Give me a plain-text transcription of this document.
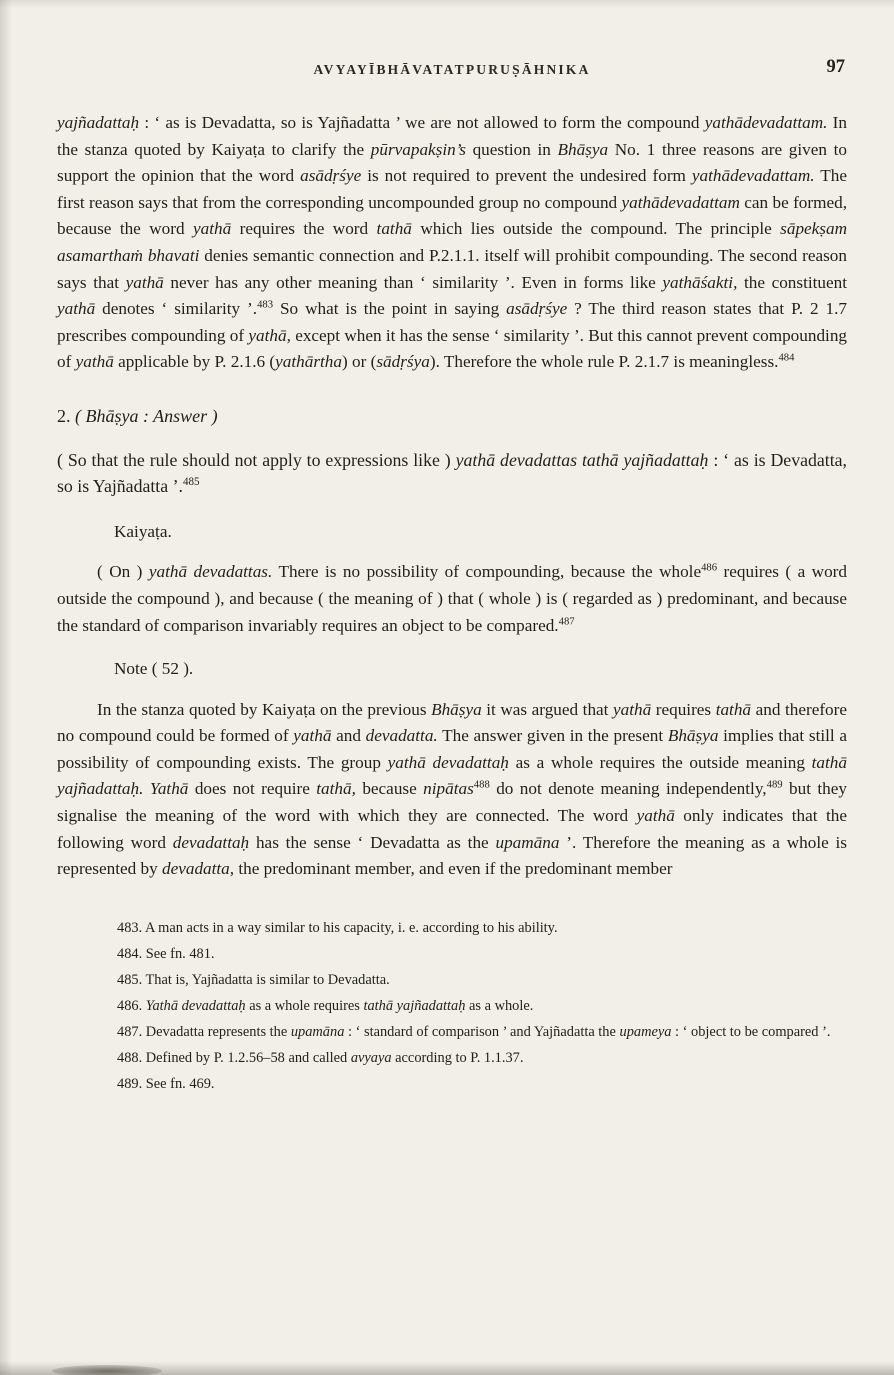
AVYAYĪBHĀVATATPURUṢĀHNIKA	97

yajñadattaḥ : ‘ as is Devadatta, so is Yajñadatta ’ we are not allowed to form the compound yathādevadattam. In the stanza quoted by Kaiyaṭa to clarify the pūrvapakṣin’s question in Bhāṣya No. 1 three reasons are given to support the opinion that the word asādṛśye is not required to prevent the undesired form yathādevadattam. The first reason says that from the corresponding uncompounded group no compound yathādevadattam can be formed, because the word yathā requires the word tathā which lies outside the compound. The principle sāpekṣam asamarthaṁ bhavati denies semantic connection and P.2.1.1. itself will prohibit compounding. The second reason says that yathā never has any other meaning than ‘ similarity ’. Even in forms like yathāśakti, the constituent yathā denotes ‘ similarity ’.$^{483}$ So what is the point in saying asādṛśye ? The third reason states that P. 2 1.7 prescribes compounding of yathā, except when it has the sense ‘ similarity ’. But this cannot prevent compounding of yathā applicable by P. 2.1.6 (yathārtha) or (sādṛśya). Therefore the whole rule P. 2.1.7 is meaningless.$^{484}$

2. ( Bhāṣya : Answer )

( So that the rule should not apply to expressions like ) yathā devadattas tathā yajñadattaḥ : ‘ as is Devadatta, so is Yajñadatta ’.$^{485}$

Kaiyaṭa.

( On ) yathā devadattas. There is no possibility of compounding, because the whole$^{486}$ requires ( a word outside the compound ), and because ( the meaning of ) that ( whole ) is ( regarded as ) predominant, and because the standard of comparison invariably requires an object to be compared.$^{487}$

Note ( 52 ).

In the stanza quoted by Kaiyaṭa on the previous Bhāṣya it was argued that yathā requires tathā and therefore no compound could be formed of yathā and devadatta. The answer given in the present Bhāṣya implies that still a possibility of compounding exists. The group yathā devadattaḥ as a whole requires the outside meaning tathā yajñadattaḥ. Yathā does not require tathā, because nipātas$^{488}$ do not denote meaning independently,$^{489}$ but they signalise the meaning of the word with which they are connected. The word yathā only indicates that the following word devadattaḥ has the sense ‘ Devadatta as the upamāna ’. Therefore the meaning as a whole is represented by devadatta, the predominant member, and even if the predominant member

483. A man acts in a way similar to his capacity, i. e. according to his ability.

484. See fn. 481.

485. That is, Yajñadatta is similar to Devadatta.

486. Yathā devadattaḥ as a whole requires tathā yajñadattaḥ as a whole.

487. Devadatta represents the upamāna : ‘ standard of comparison ’ and Yajñadatta the upameya : ‘ object to be compared ’.

488. Defined by P. 1.2.56–58 and called avyaya according to P. 1.1.37.

489. See fn. 469.
